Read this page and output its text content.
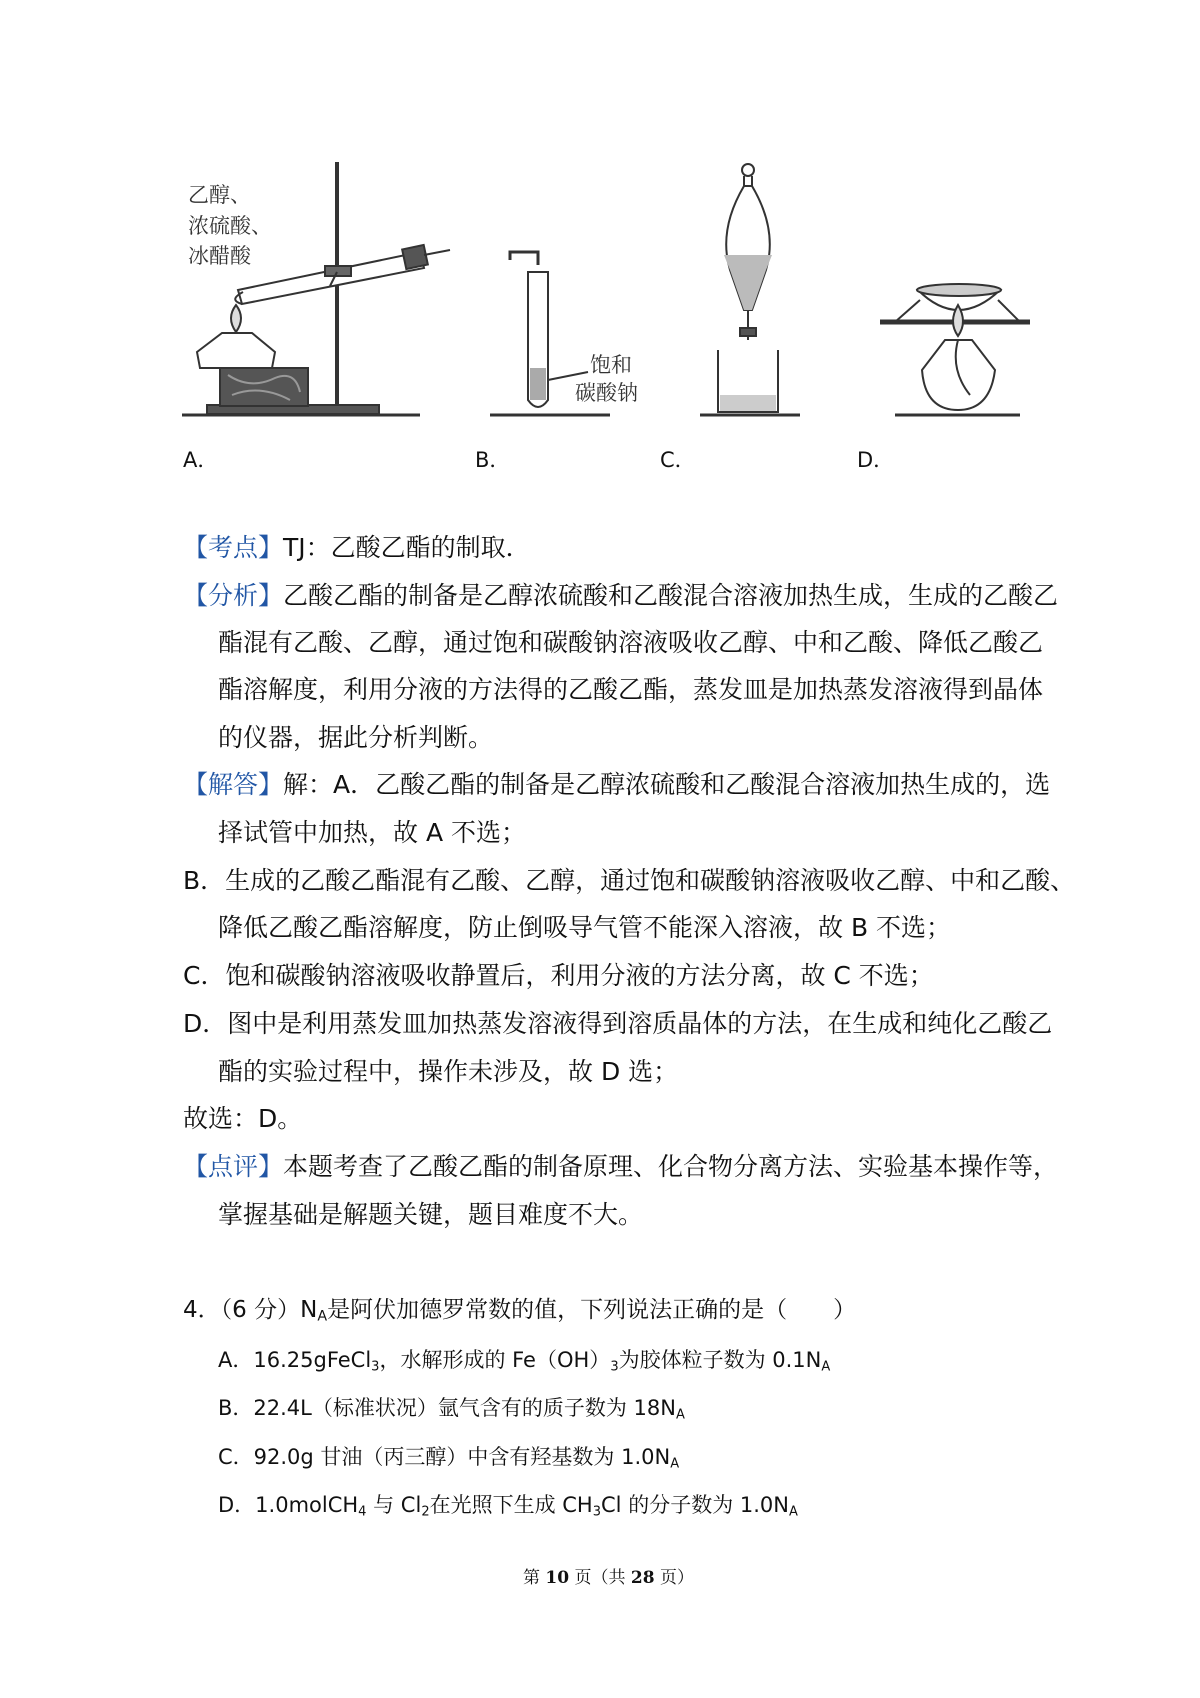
乙醇、
浓硫酸、
冰醋酸
饱和
碳酸钠
A．	B．	C．	D．
【考点】TJ：乙酸乙酯的制取．
【分析】乙酸乙酯的制备是乙醇浓硫酸和乙酸混合溶液加热生成，生成的乙酸乙
酯混有乙酸、乙醇，通过饱和碳酸钠溶液吸收乙醇、中和乙酸、降低乙酸乙
酯溶解度，利用分液的方法得的乙酸乙酯，蒸发皿是加热蒸发溶液得到晶体
的仪器，据此分析判断。
【解答】解：A．乙酸乙酯的制备是乙醇浓硫酸和乙酸混合溶液加热生成的，选
择试管中加热，故 A 不选；
B．生成的乙酸乙酯混有乙酸、乙醇，通过饱和碳酸钠溶液吸收乙醇、中和乙酸、
降低乙酸乙酯溶解度，防止倒吸导气管不能深入溶液，故 B 不选；
C．饱和碳酸钠溶液吸收静置后，利用分液的方法分离，故 C 不选；
D．图中是利用蒸发皿加热蒸发溶液得到溶质晶体的方法，在生成和纯化乙酸乙
酯的实验过程中，操作未涉及，故 D 选；
故选：D。
【点评】本题考查了乙酸乙酯的制备原理、化合物分离方法、实验基本操作等，
掌握基础是解题关键，题目难度不大。
4．（6 分）$N_A$是阿伏加德罗常数的值，下列说法正确的是（　　）
A．16.25gFeCl$_3$，水解形成的 $Fe(OH)_3$为胶体粒子数为 $0.1N_A$
B．22.4L（标准状况）氩气含有的质子数为 $18N_A$
C．92.0g 甘油（丙三醇）中含有羟基数为 $1.0N_A$
D．1.0molCH$_4$ 与 $Cl_2$在光照下生成 $CH_3Cl$ 的分子数为 $1.0N_A$
第 10 页（共 28 页）
